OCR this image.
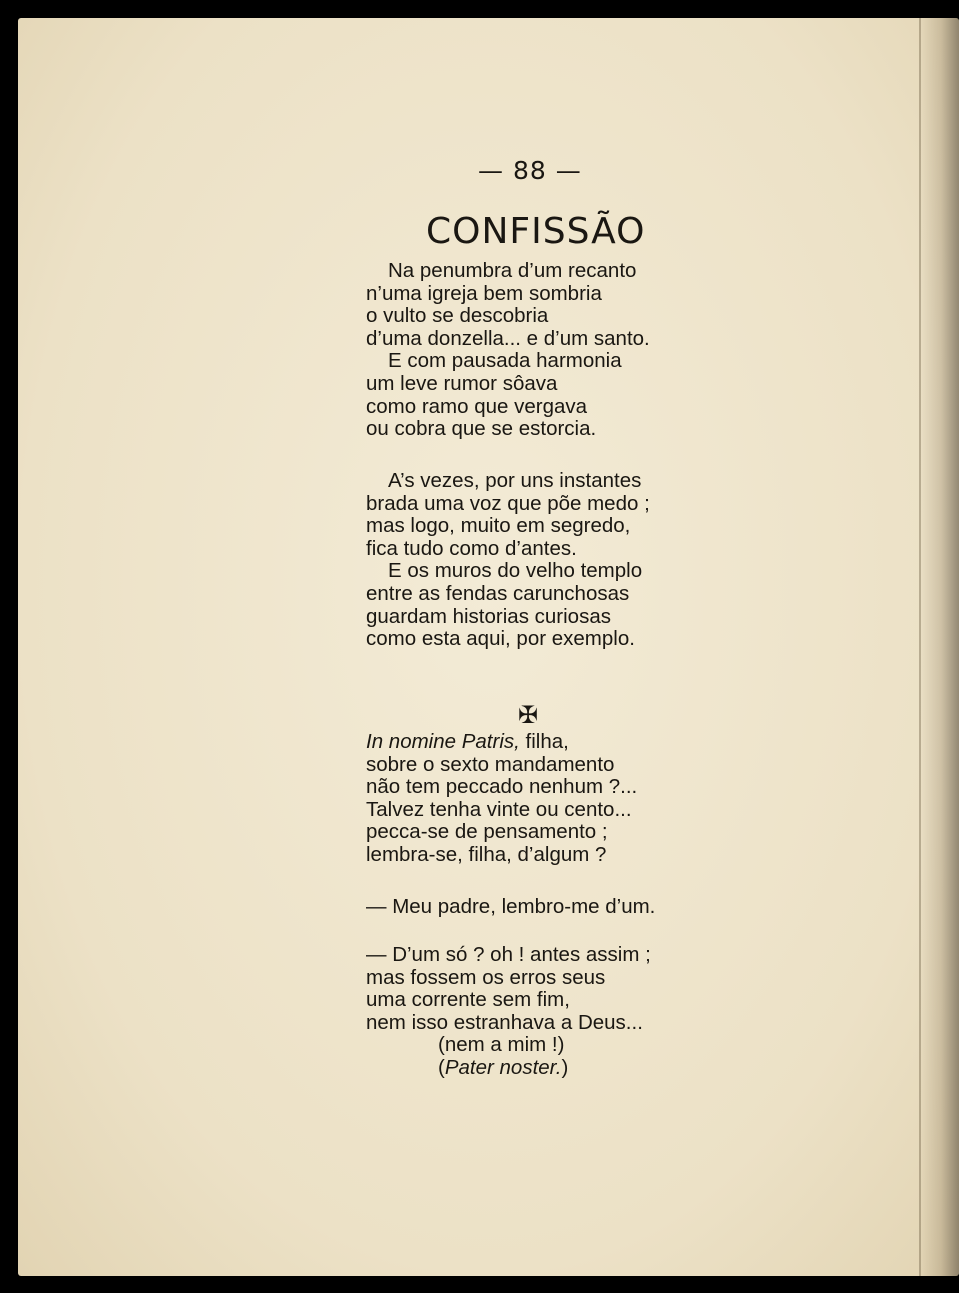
— 88 —
CONFISSÃO
Na penumbra d’um recanto
n’uma igreja bem sombria
o vulto se descobria
d’uma donzella... e d’um santo.
E com pausada harmonia
um leve rumor sôava
como ramo que vergava
ou cobra que se estorcia.
A’s vezes, por uns instantes
brada uma voz que põe medo ;
mas logo, muito em segredo,
fica tudo como d’antes.
E os muros do velho templo
entre as fendas carunchosas
guardam historias curiosas
como esta aqui, por exemplo.
✠
In nomine Patris, filha,
sobre o sexto mandamento
não tem peccado nenhum ?...
Talvez tenha vinte ou cento...
pecca-se de pensamento ;
lembra-se, filha, d’algum ?
— Meu padre, lembro-me d’um.
— D’um só ? oh ! antes assim ;
mas fossem os erros seus
uma corrente sem fim,
nem isso estranhava a Deus...
(nem a mim !)
(Pater noster.)
